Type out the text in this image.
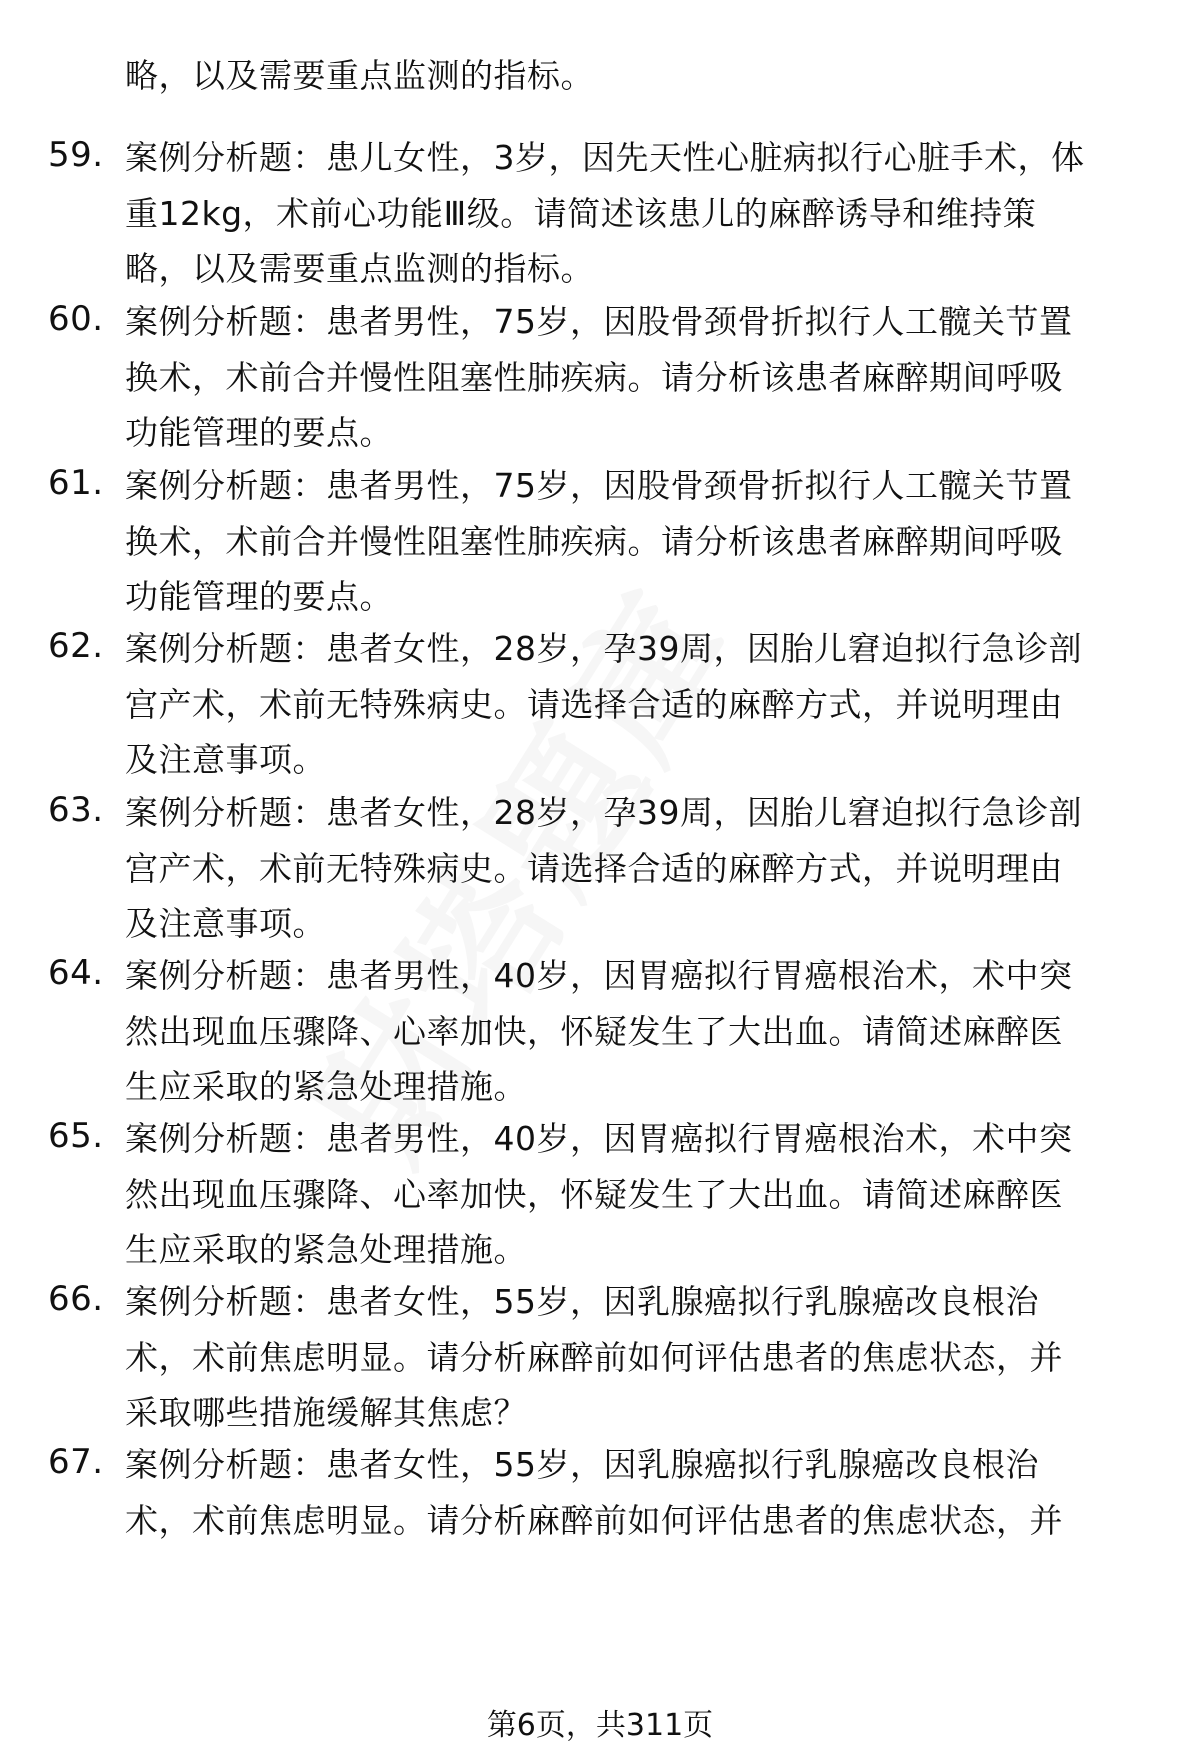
略，以及需要重点监测的指标。
59. 案例分析题：患儿女性，3岁，因先天性心脏病拟行心脏手术，体
重12kg，术前心功能Ⅲ级。请简述该患儿的麻醉诱导和维持策
略，以及需要重点监测的指标。
60. 案例分析题：患者男性，75岁，因股骨颈骨折拟行人工髋关节置
换术，术前合并慢性阻塞性肺疾病。请分析该患者麻醉期间呼吸
功能管理的要点。
61. 案例分析题：患者男性，75岁，因股骨颈骨折拟行人工髋关节置
换术，术前合并慢性阻塞性肺疾病。请分析该患者麻醉期间呼吸
功能管理的要点。
62. 案例分析题：患者女性，28岁，孕39周，因胎儿窘迫拟行急诊剖
宫产术，术前无特殊病史。请选择合适的麻醉方式，并说明理由
及注意事项。
63. 案例分析题：患者女性，28岁，孕39周，因胎儿窘迫拟行急诊剖
宫产术，术前无特殊病史。请选择合适的麻醉方式，并说明理由
及注意事项。
64. 案例分析题：患者男性，40岁，因胃癌拟行胃癌根治术，术中突
然出现血压骤降、心率加快，怀疑发生了大出血。请简述麻醉医
生应采取的紧急处理措施。
65. 案例分析题：患者男性，40岁，因胃癌拟行胃癌根治术，术中突
然出现血压骤降、心率加快，怀疑发生了大出血。请简述麻醉医
生应采取的紧急处理措施。
66. 案例分析题：患者女性，55岁，因乳腺癌拟行乳腺癌改良根治
术，术前焦虑明显。请分析麻醉前如何评估患者的焦虑状态，并
采取哪些措施缓解其焦虑？
67. 案例分析题：患者女性，55岁，因乳腺癌拟行乳腺癌改良根治
术，术前焦虑明显。请分析麻醉前如何评估患者的焦虑状态，并
第6页，共311页
